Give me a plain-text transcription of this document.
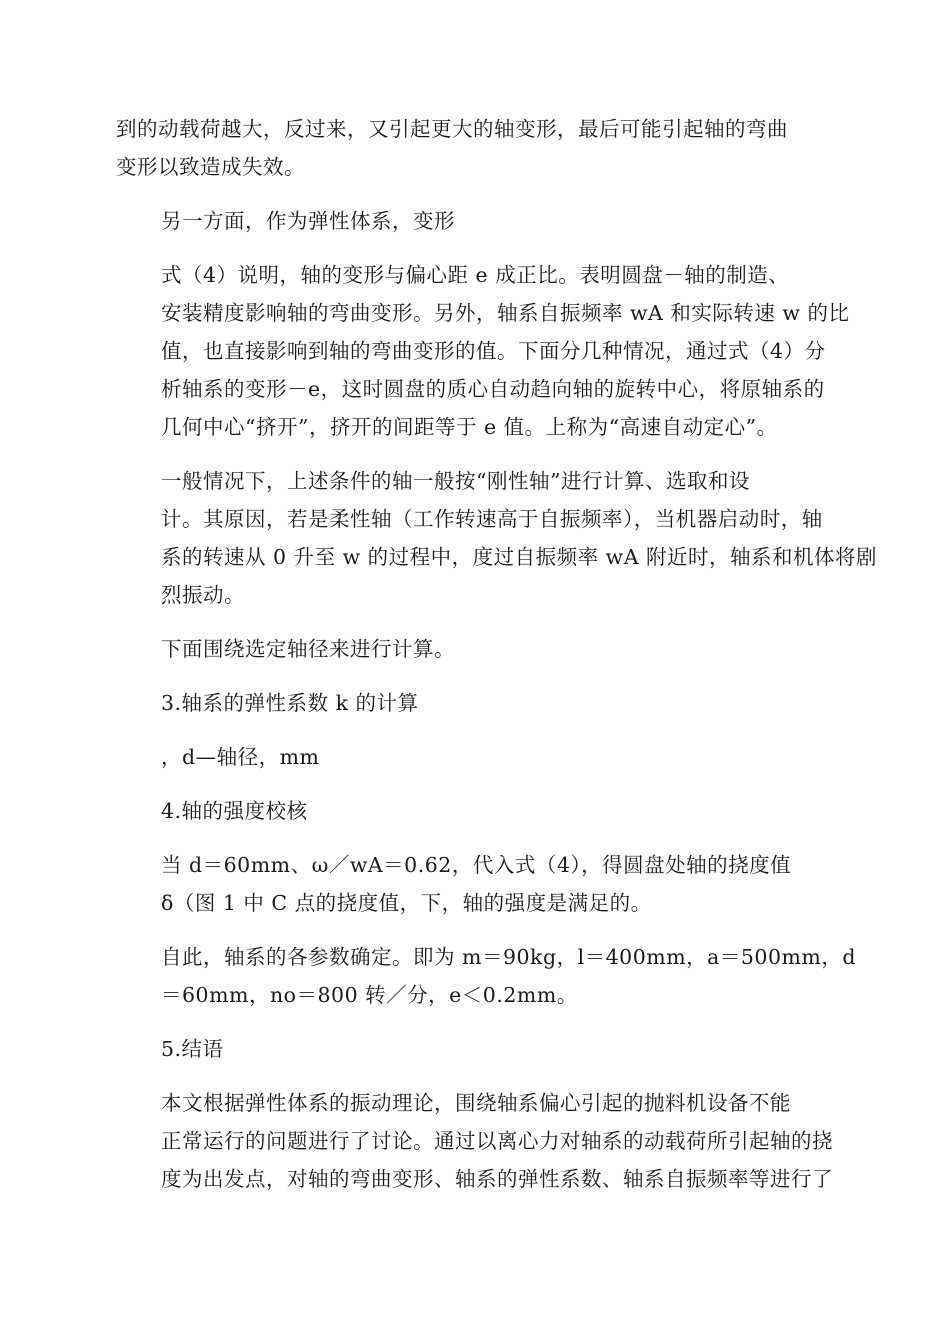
到的动载荷越大，反过来，又引起更大的轴变形，最后可能引起轴的弯曲
变形以致造成失效。

另一方面，作为弹性体系，变形

式（4）说明，轴的变形与偏心距 e 成正比。表明圆盘－轴的制造、
安装精度影响轴的弯曲变形。另外，轴系自振频率 wA 和实际转速 w 的比
值，也直接影响到轴的弯曲变形的值。下面分几种情况，通过式（4）分
析轴系的变形－e，这时圆盘的质心自动趋向轴的旋转中心，将原轴系的
几何中心“挤开”，挤开的间距等于 e 值。上称为“高速自动定心”。

一般情况下，上述条件的轴一般按“刚性轴”进行计算、选取和设
计。其原因，若是柔性轴（工作转速高于自振频率），当机器启动时，轴
系的转速从 0 升至 w 的过程中，度过自振频率 wA 附近时，轴系和机体将剧
烈振动。

下面围绕选定轴径来进行计算。

3.轴系的弹性系数 k 的计算

，d—轴径，mm

4.轴的强度校核

当 d＝60mm、ω／wA＝0.62，代入式（4），得圆盘处轴的挠度值
δ（图 1 中 C 点的挠度值，下，轴的强度是满足的。

自此，轴系的各参数确定。即为 m＝90kg，l＝400mm，a＝500mm，d
＝60mm，no＝800 转／分，e＜0.2mm。

5.结语

本文根据弹性体系的振动理论，围绕轴系偏心引起的抛料机设备不能
正常运行的问题进行了讨论。通过以离心力对轴系的动载荷所引起轴的挠
度为出发点，对轴的弯曲变形、轴系的弹性系数、轴系自振频率等进行了
